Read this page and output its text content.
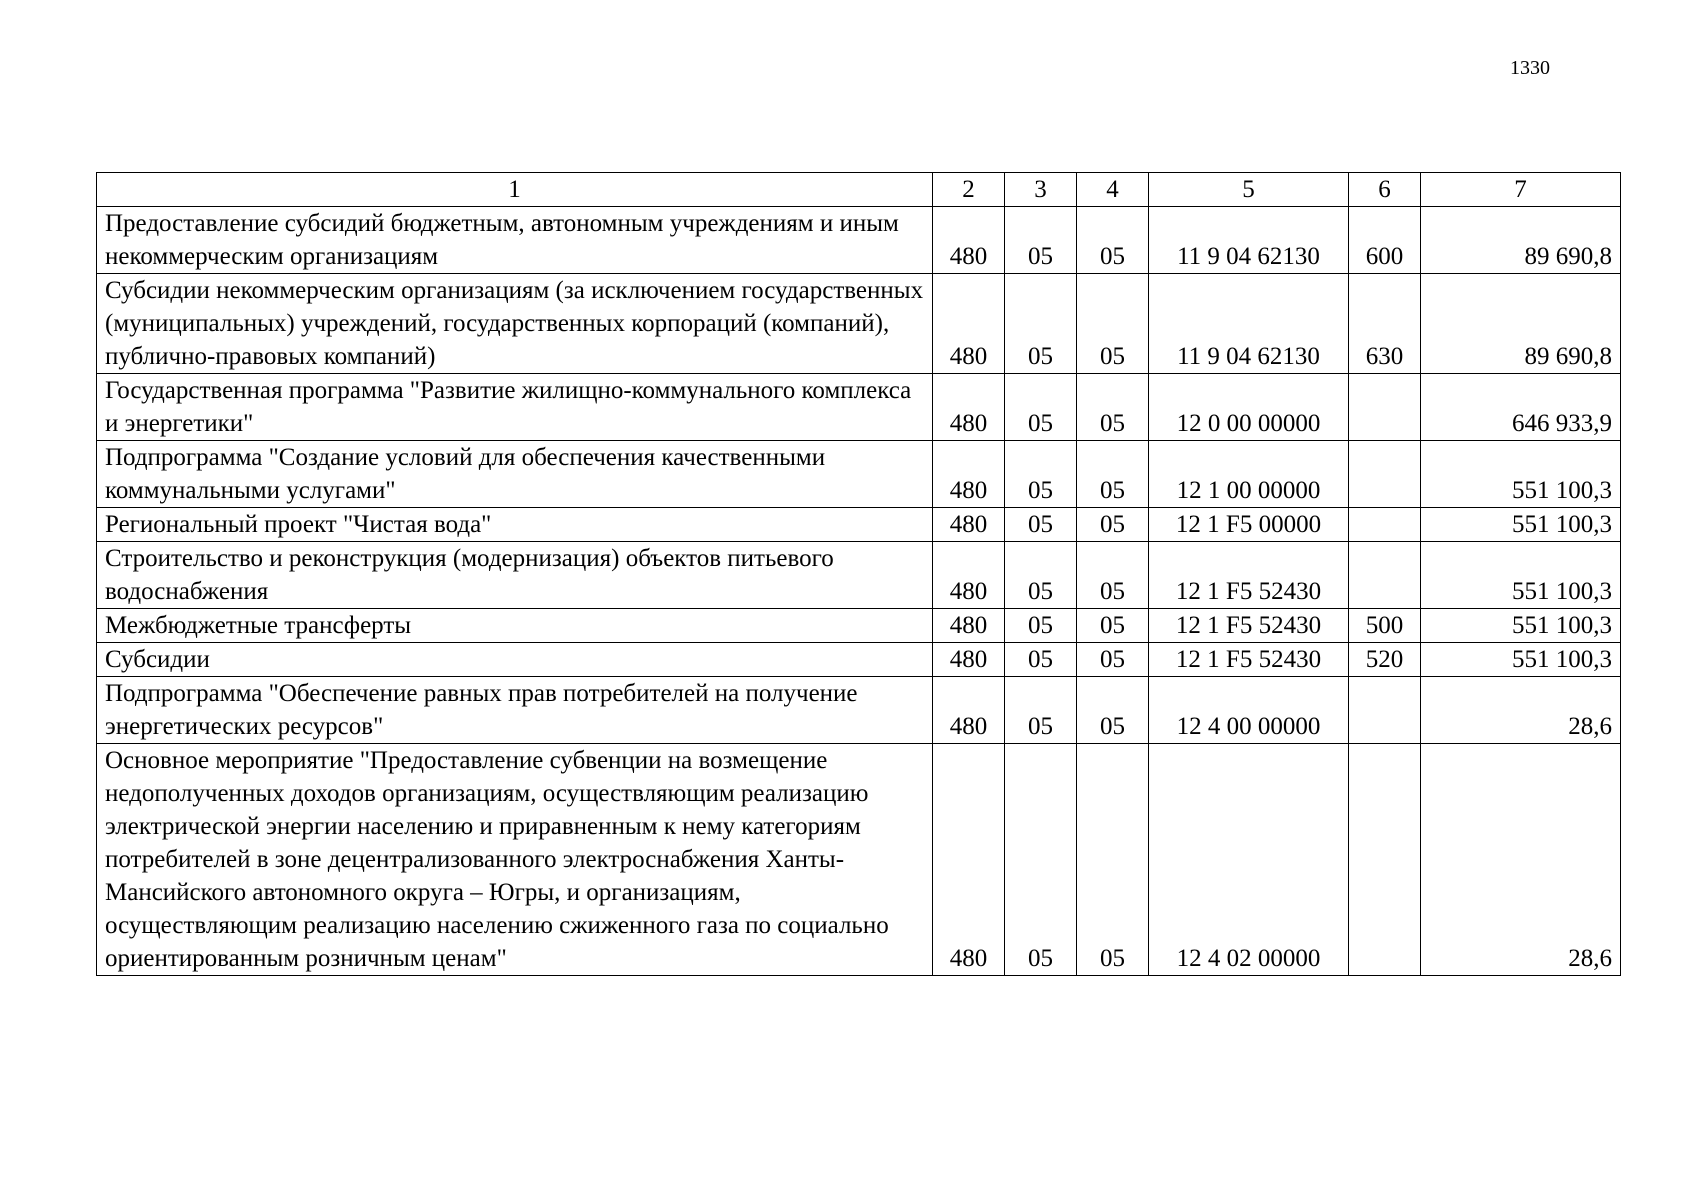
1330
1	2	3	4	5	6	7
Предоставление субсидий бюджетным, автономным учреждениям и иным некоммерческим организациям	480	05	05	11 9 04 62130	600	89 690,8
Субсидии некоммерческим организациям (за исключением государственных (муниципальных) учреждений, государственных корпораций (компаний), публично-правовых компаний)	480	05	05	11 9 04 62130	630	89 690,8
Государственная программа "Развитие жилищно-коммунального комплекса и энергетики"	480	05	05	12 0 00 00000		646 933,9
Подпрограмма "Создание условий для обеспечения качественными коммунальными услугами"	480	05	05	12 1 00 00000		551 100,3
Региональный проект "Чистая вода"	480	05	05	12 1 F5 00000		551 100,3
Строительство и реконструкция (модернизация) объектов питьевого водоснабжения	480	05	05	12 1 F5 52430		551 100,3
Межбюджетные трансферты	480	05	05	12 1 F5 52430	500	551 100,3
Субсидии	480	05	05	12 1 F5 52430	520	551 100,3
Подпрограмма "Обеспечение равных прав потребителей на получение энергетических ресурсов"	480	05	05	12 4 00 00000		28,6
Основное мероприятие "Предоставление субвенции на возмещение недополученных доходов организациям, осуществляющим реализацию электрической энергии населению и приравненным к нему категориям потребителей в зоне децентрализованного электроснабжения Ханты-Мансийского автономного округа – Югры, и организациям, осуществляющим реализацию населению сжиженного газа по социально ориентированным розничным ценам"	480	05	05	12 4 02 00000		28,6
